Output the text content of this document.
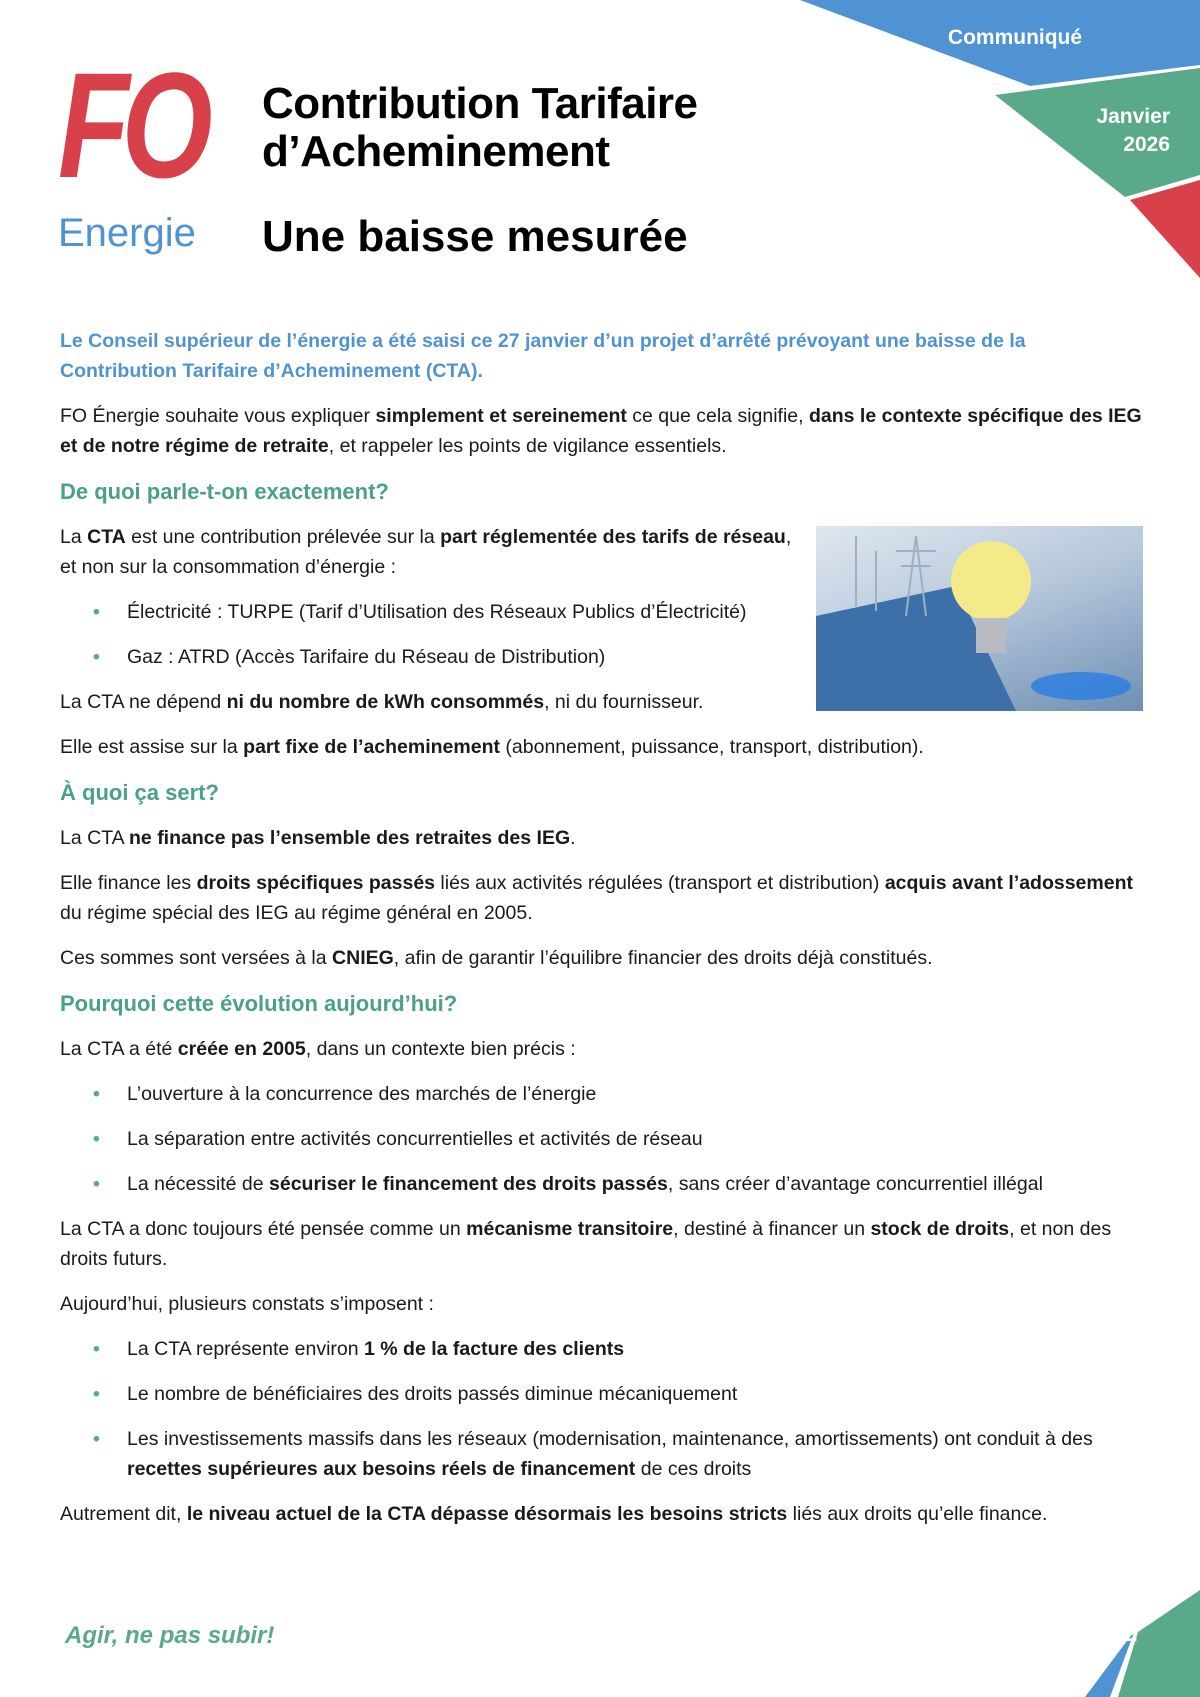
FO
Energie
Contribution Tarifaire
d’Acheminement
Une baisse mesurée
Communiqué
Janvier
2026

Le Conseil supérieur de l’énergie a été saisi ce 27 janvier d’un projet d’arrêté prévoyant une baisse de la Contribution Tarifaire d’Acheminement (CTA).

FO Énergie souhaite vous expliquer simplement et sereinement ce que cela signifie, dans le contexte spécifique des IEG et de notre régime de retraite, et rappeler les points de vigilance essentiels.

De quoi parle-t-on exactement?

La CTA est une contribution prélevée sur la part réglementée des tarifs de réseau, et non sur la consommation d’énergie :

• Électricité : TURPE (Tarif d’Utilisation des Réseaux Publics d’Électricité)

• Gaz : ATRD (Accès Tarifaire du Réseau de Distribution)

La CTA ne dépend ni du nombre de kWh consommés, ni du fournisseur.

Elle est assise sur la part fixe de l’acheminement (abonnement, puissance, transport, distribution).

À quoi ça sert?

La CTA ne finance pas l’ensemble des retraites des IEG.

Elle finance les droits spécifiques passés liés aux activités régulées (transport et distribution) acquis avant l’adossement du régime spécial des IEG au régime général en 2005.

Ces sommes sont versées à la CNIEG, afin de garantir l’équilibre financier des droits déjà constitués.

Pourquoi cette évolution aujourd’hui?

La CTA a été créée en 2005, dans un contexte bien précis :

• L’ouverture à la concurrence des marchés de l’énergie

• La séparation entre activités concurrentielles et activités de réseau

• La nécessité de sécuriser le financement des droits passés, sans créer d’avantage concurrentiel illégal

La CTA a donc toujours été pensée comme un mécanisme transitoire, destiné à financer un stock de droits, et non des droits futurs.

Aujourd’hui, plusieurs constats s’imposent :

• La CTA représente environ 1 % de la facture des clients

• Le nombre de bénéficiaires des droits passés diminue mécaniquement

• Les investissements massifs dans les réseaux (modernisation, maintenance, amortissements) ont conduit à des recettes supérieures aux besoins réels de financement de ces droits

Autrement dit, le niveau actuel de la CTA dépasse désormais les besoins stricts liés aux droits qu’elle finance.

Agir, ne pas subir!	1/2
